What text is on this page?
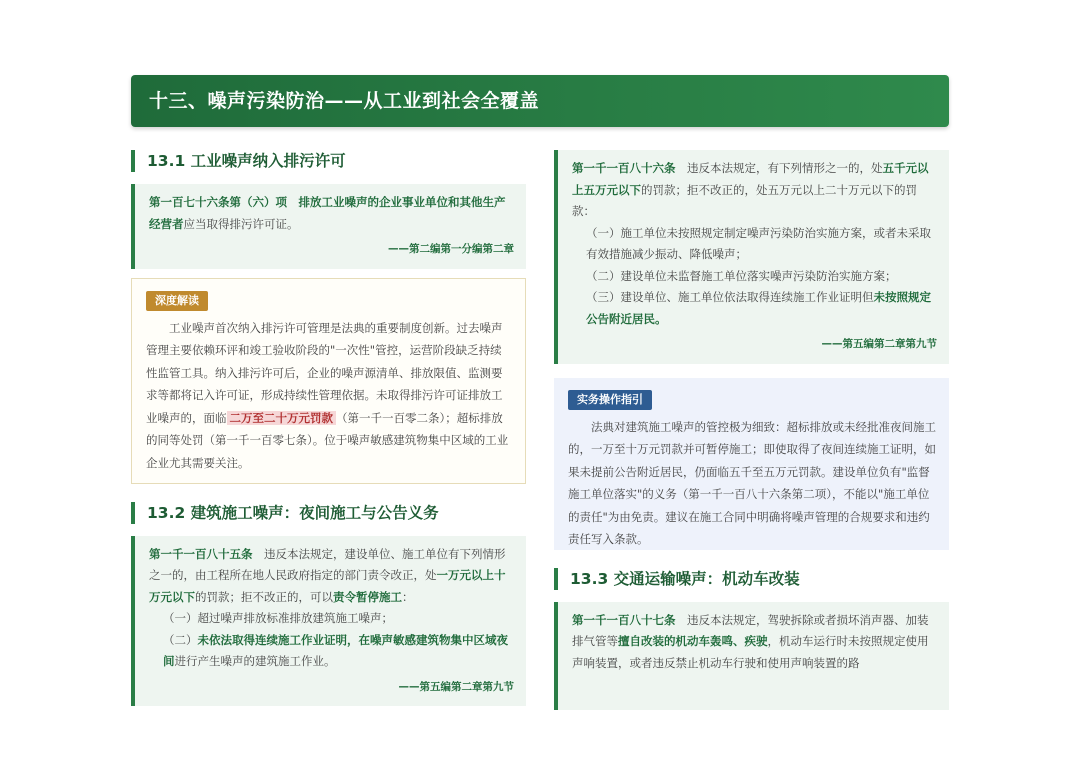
十三、噪声污染防治——从工业到社会全覆盖
13.1 工业噪声纳入排污许可

第一百七十六条第（六）项　排放工业噪声的企业事业单位和其他生产经营者应当取得排污许可证。

——第二编第一分编第二章
深度解读

工业噪声首次纳入排污许可管理是法典的重要制度创新。过去噪声管理主要依赖环评和竣工验收阶段的"一次性"管控，运营阶段缺乏持续性监管工具。纳入排污许可后，企业的噪声源清单、排放限值、监测要求等都将记入许可证，形成持续性管理依据。未取得排污许可证排放工业噪声的，面临 二万至二十万元罚款 （第一千一百零二条）；超标排放的同等处罚（第一千一百零七条）。位于噪声敏感建筑物集中区域的工业企业尤其需要关注。

13.2 建筑施工噪声：夜间施工与公告义务

第一千一百八十五条　违反本法规定，建设单位、施工单位有下列情形之一的，由工程所在地人民政府指定的部门责令改正，处一万元以上十万元以下的罚款；拒不改正的，可以责令暂停施工：

（一）超过噪声排放标准排放建筑施工噪声；

（二）未依法取得连续施工作业证明，在噪声敏感建筑物集中区域夜间进行产生噪声的建筑施工作业。

——第五编第二章第九节

第一千一百八十六条　违反本法规定，有下列情形之一的，处五千元以上五万元以下的罚款；拒不改正的，处五万元以上二十万元以下的罚款：

（一）施工单位未按照规定制定噪声污染防治实施方案，或者未采取有效措施减少振动、降低噪声；

（二）建设单位未监督施工单位落实噪声污染防治实施方案；

（三）建设单位、施工单位依法取得连续施工作业证明但未按照规定公告附近居民。

——第五编第二章第九节
实务操作指引

法典对建筑施工噪声的管控极为细致：超标排放或未经批准夜间施工的，一万至十万元罚款并可暂停施工；即使取得了夜间连续施工证明，如果未提前公告附近居民，仍面临五千至五万元罚款。建设单位负有"监督施工单位落实"的义务（第一千一百八十六条第二项），不能以"施工单位的责任"为由免责。建议在施工合同中明确将噪声管理的合规要求和违约责任写入条款。

13.3 交通运输噪声：机动车改装

第一千一百八十七条　违反本法规定，驾驶拆除或者损坏消声器、加装排气管等擅自改装的机动车轰鸣、疾驶，机动车运行时未按照规定使用声响装置，或者违反禁止机动车行驶和使用声响装置的路
